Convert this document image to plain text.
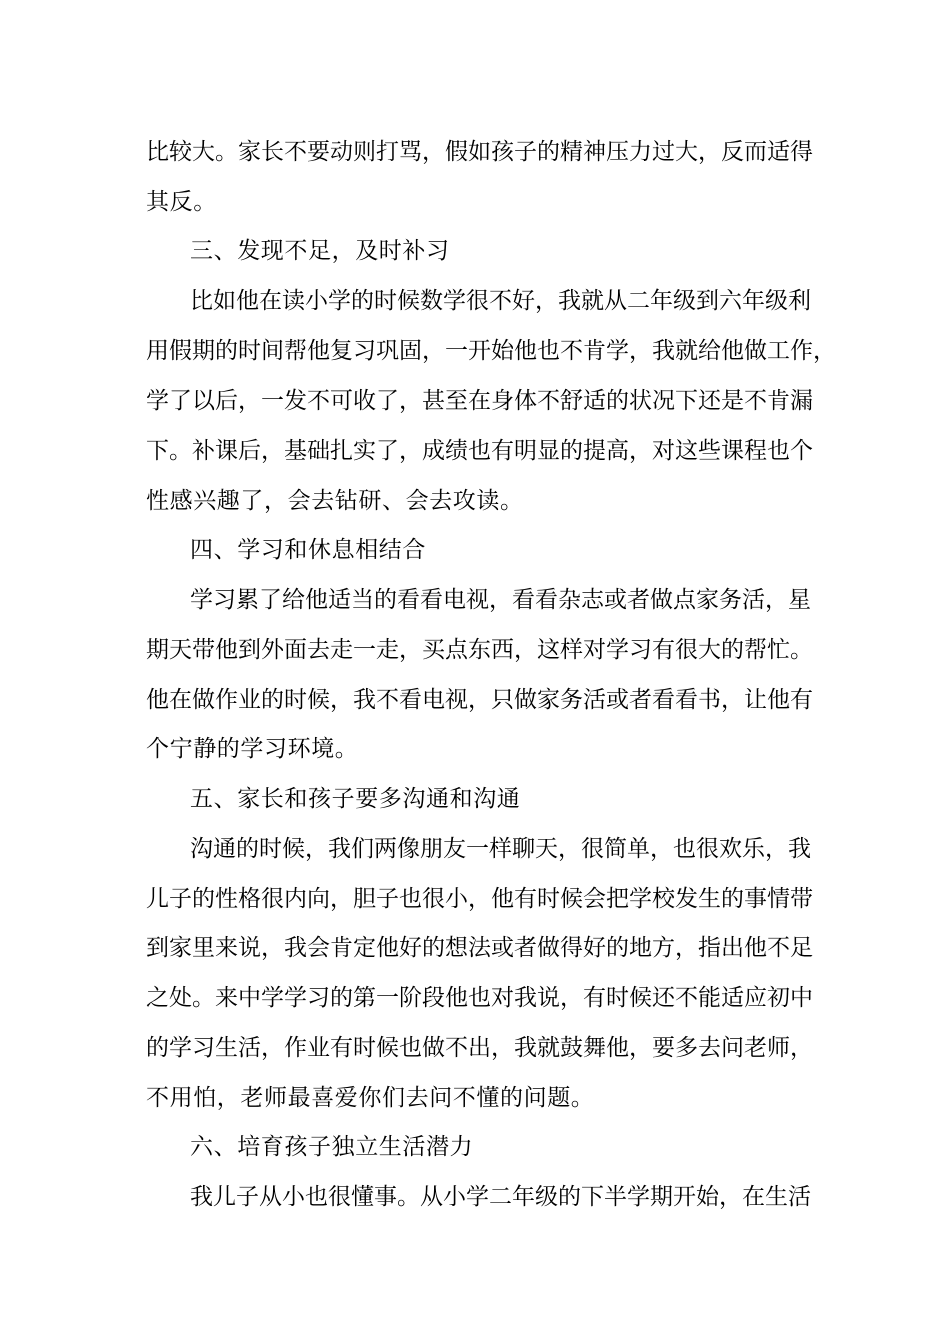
比较大。家长不要动则打骂，假如孩子的精神压力过大，反而适得
其反。
三、发现不足，及时补习
比如他在读小学的时候数学很不好，我就从二年级到六年级利
用假期的时间帮他复习巩固，一开始他也不肯学，我就给他做工作，
学了以后，一发不可收了，甚至在身体不舒适的状况下还是不肯漏
下。补课后，基础扎实了，成绩也有明显的提高，对这些课程也个
性感兴趣了，会去钻研、会去攻读。
四、学习和休息相结合
学习累了给他适当的看看电视，看看杂志或者做点家务活，星
期天带他到外面去走一走，买点东西，这样对学习有很大的帮忙。
他在做作业的时候，我不看电视，只做家务活或者看看书，让他有
个宁静的学习环境。
五、家长和孩子要多沟通和沟通
沟通的时候，我们两像朋友一样聊天，很简单，也很欢乐，我
儿子的性格很内向，胆子也很小，他有时候会把学校发生的事情带
到家里来说，我会肯定他好的想法或者做得好的地方，指出他不足
之处。来中学学习的第一阶段他也对我说，有时候还不能适应初中
的学习生活，作业有时候也做不出，我就鼓舞他，要多去问老师，
不用怕，老师最喜爱你们去问不懂的问题。
六、培育孩子独立生活潜力
我儿子从小也很懂事。从小学二年级的下半学期开始，在生活
